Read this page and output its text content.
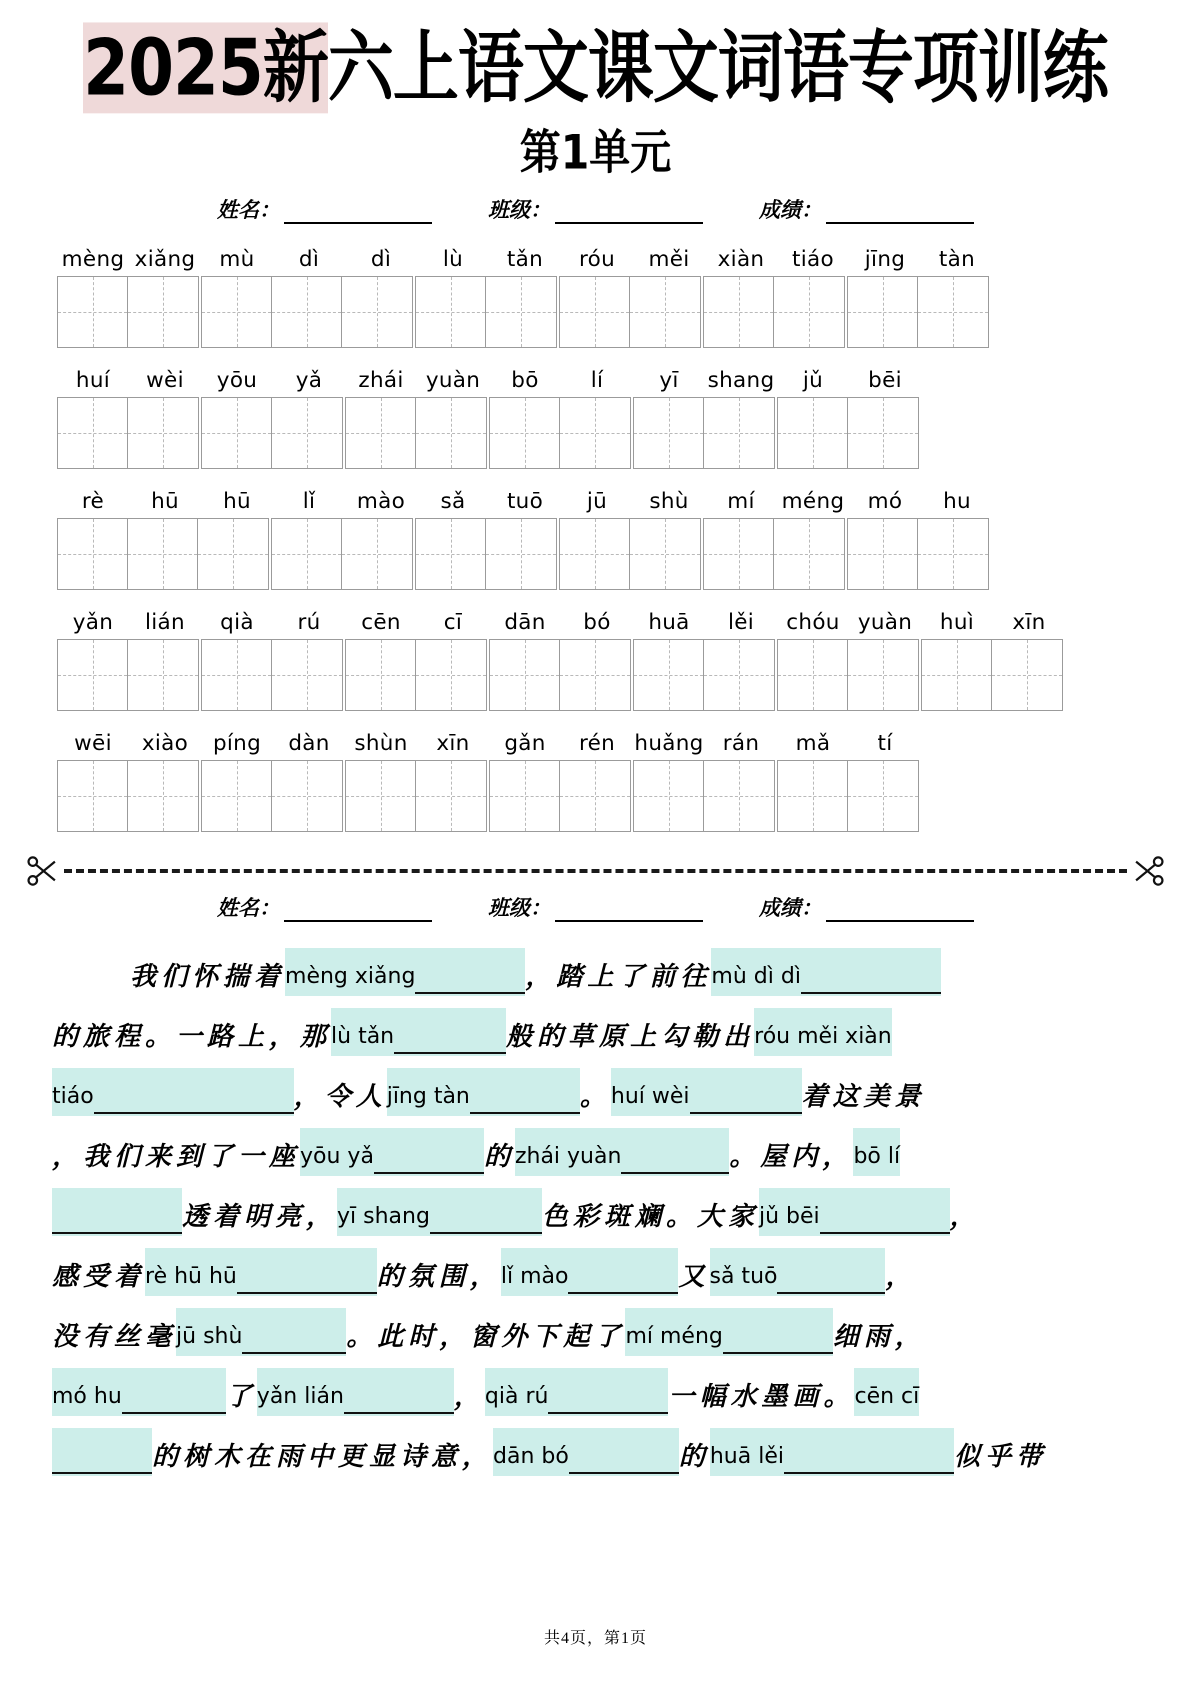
2025新六上语文课文词语专项训练
第1单元
姓名：	班级：	成绩：
mèng xiǎng	mù	dì	dì	lù	tǎn	róu	měi	xiàn	tiáo	jīng	tàn
huí	wèi	yōu	yǎ	zhái	yuàn	bō	lí	yī	shang	jǔ	bēi
rè	hū	hū	lǐ	mào	sǎ	tuō	jū	shù	mí	méng	mó	hu
yǎn	lián	qià	rú	cēn	cī	dān	bó	huā	lěi	chóu yuàn	huì	xīn
wēi	xiào	píng	dàn	shùn	xīn	gǎn	rén huǎng rán	mǎ	tí
姓名：	班级：	成绩：
我们怀揣着 mèng xiǎng	，踏上了前往 mù dì dì
的旅程。一路上，那 lù tǎn	般的草原上勾勒出 róu měi xiàn
tiáo	，令人 jīng tàn	。 huí wèi	着这美景
，我们来到了一座 yōu yǎ	的 zhái yuàn	。屋内， bō lí
透着明亮， yī shang	色彩斑斓。大家 jǔ bēi	，
感受着 rè hū hū	的氛围， lǐ mào	又 sǎ tuō	，
没有丝毫 jū shù	。此时，窗外下起了 mí méng	细雨，
mó hu	了 yǎn lián	， qià rú	一幅水墨画。 cēn cī
的树木在雨中更显诗意， dān bó	的 huā lěi	似乎带
共4页，第1页
